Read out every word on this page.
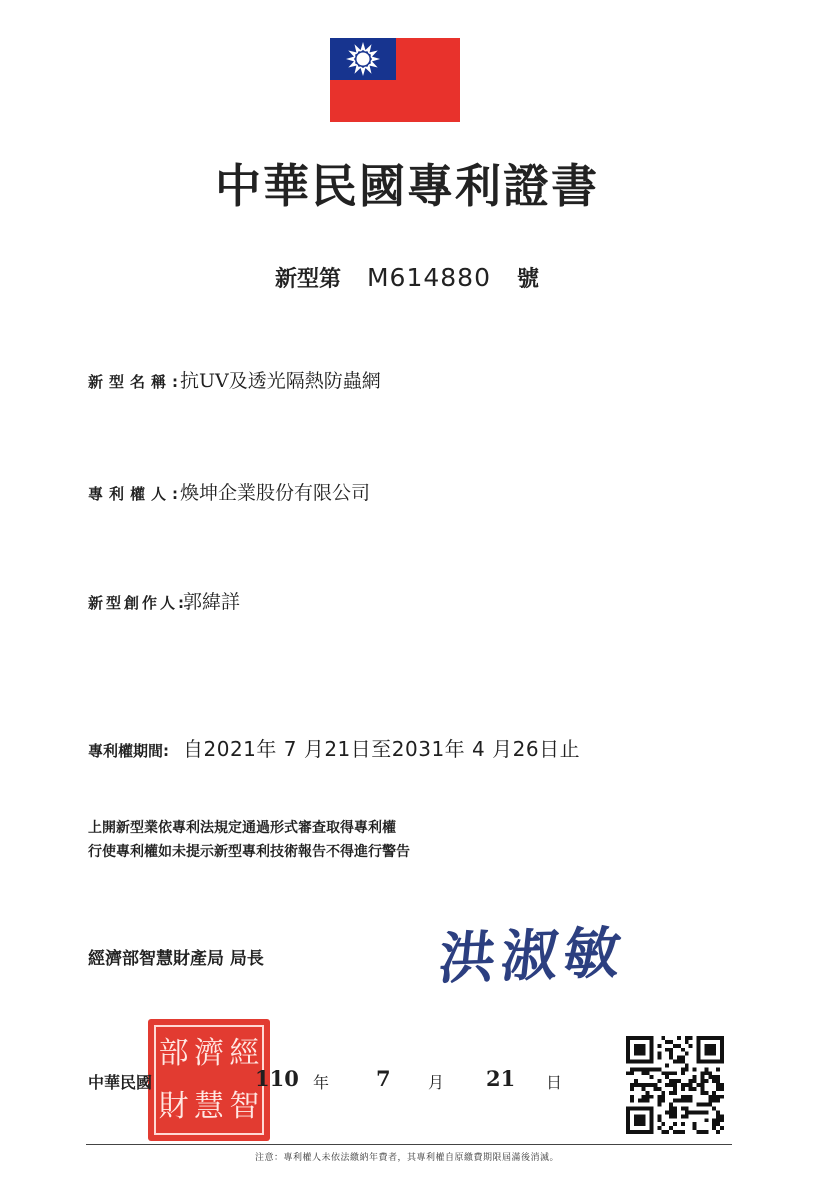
中華民國專利證書
新型第 M614880 號
新型名稱:抗UV及透光隔熱防蟲網
專利權人:煥坤企業股份有限公司
新型創作人:郭緯詳
專利權期間: 自2021年 7 月21日至2031年 4 月26日止
上開新型業依專利法規定通過形式審查取得專利權
行使專利權如未提示新型專利技術報告不得進行警告
經濟部智慧財產局 局長	洪淑敏
部 濟 經
財 慧 智
中華民國	110 年 7 月 21 日
注意：專利權人未依法繳納年費者，其專利權自原繳費期限屆滿後消滅。
